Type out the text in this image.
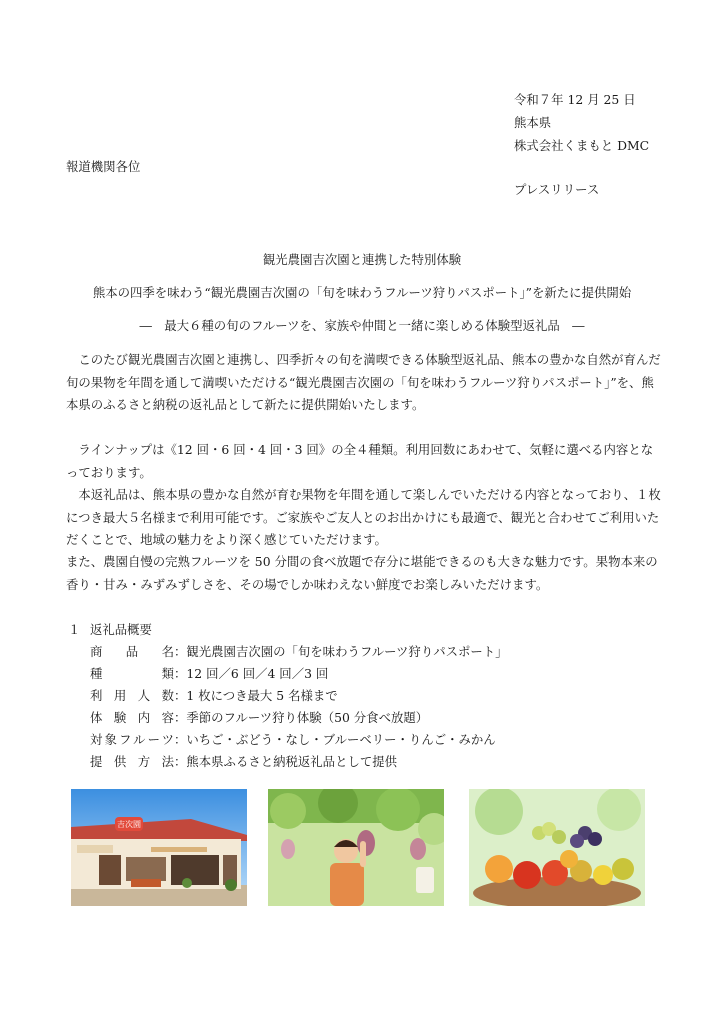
令和７年 12 月 25 日
熊本県
株式会社くまもと DMC
報道機関各位
プレスリリース
観光農園吉次園と連携した特別体験
熊本の四季を味わう“観光農園吉次園の「旬を味わうフルーツ狩りパスポート」”を新たに提供開始
―　最大６種の旬のフルーツを、家族や仲間と一緒に楽しめる体験型返礼品　―
　このたび観光農園吉次園と連携し、四季折々の旬を満喫できる体験型返礼品、熊本の豊かな自然が育んだ旬の果物を年間を通して満喫いただける“観光農園吉次園の「旬を味わうフルーツ狩りパスポート」”を、熊本県のふるさと納税の返礼品として新たに提供開始いたします。
　ラインナップは《12 回・6 回・4 回・3 回》の全４種類。利用回数にあわせて、気軽に選べる内容となっております。
　本返礼品は、熊本県の豊かな自然が育む果物を年間を通して楽しんでいただける内容となっており、１枚につき最大５名様まで利用可能です。ご家族やご友人とのお出かけにも最適で、観光と合わせてご利用いただくことで、地域の魅力をより深く感じていただけます。
また、農園自慢の完熟フルーツを 50 分間の食べ放題で存分に堪能できるのも大きな魅力です。果物本来の香り・甘み・みずみずしさを、その場でしか味わえない鮮度でお楽しみいただけます。
１ 返礼品概要
商品名：観光農園吉次園の「旬を味わうフルーツ狩りパスポート」
種類：12 回／6 回／4 回／3 回
利用人数：1 枚につき最大 5 名様まで
体験内容：季節のフルーツ狩り体験（50 分食べ放題）
対象フルーツ：いちご・ぶどう・なし・ブルーベリー・りんご・みかん
提供方法：熊本県ふるさと納税返礼品として提供
吉次園
